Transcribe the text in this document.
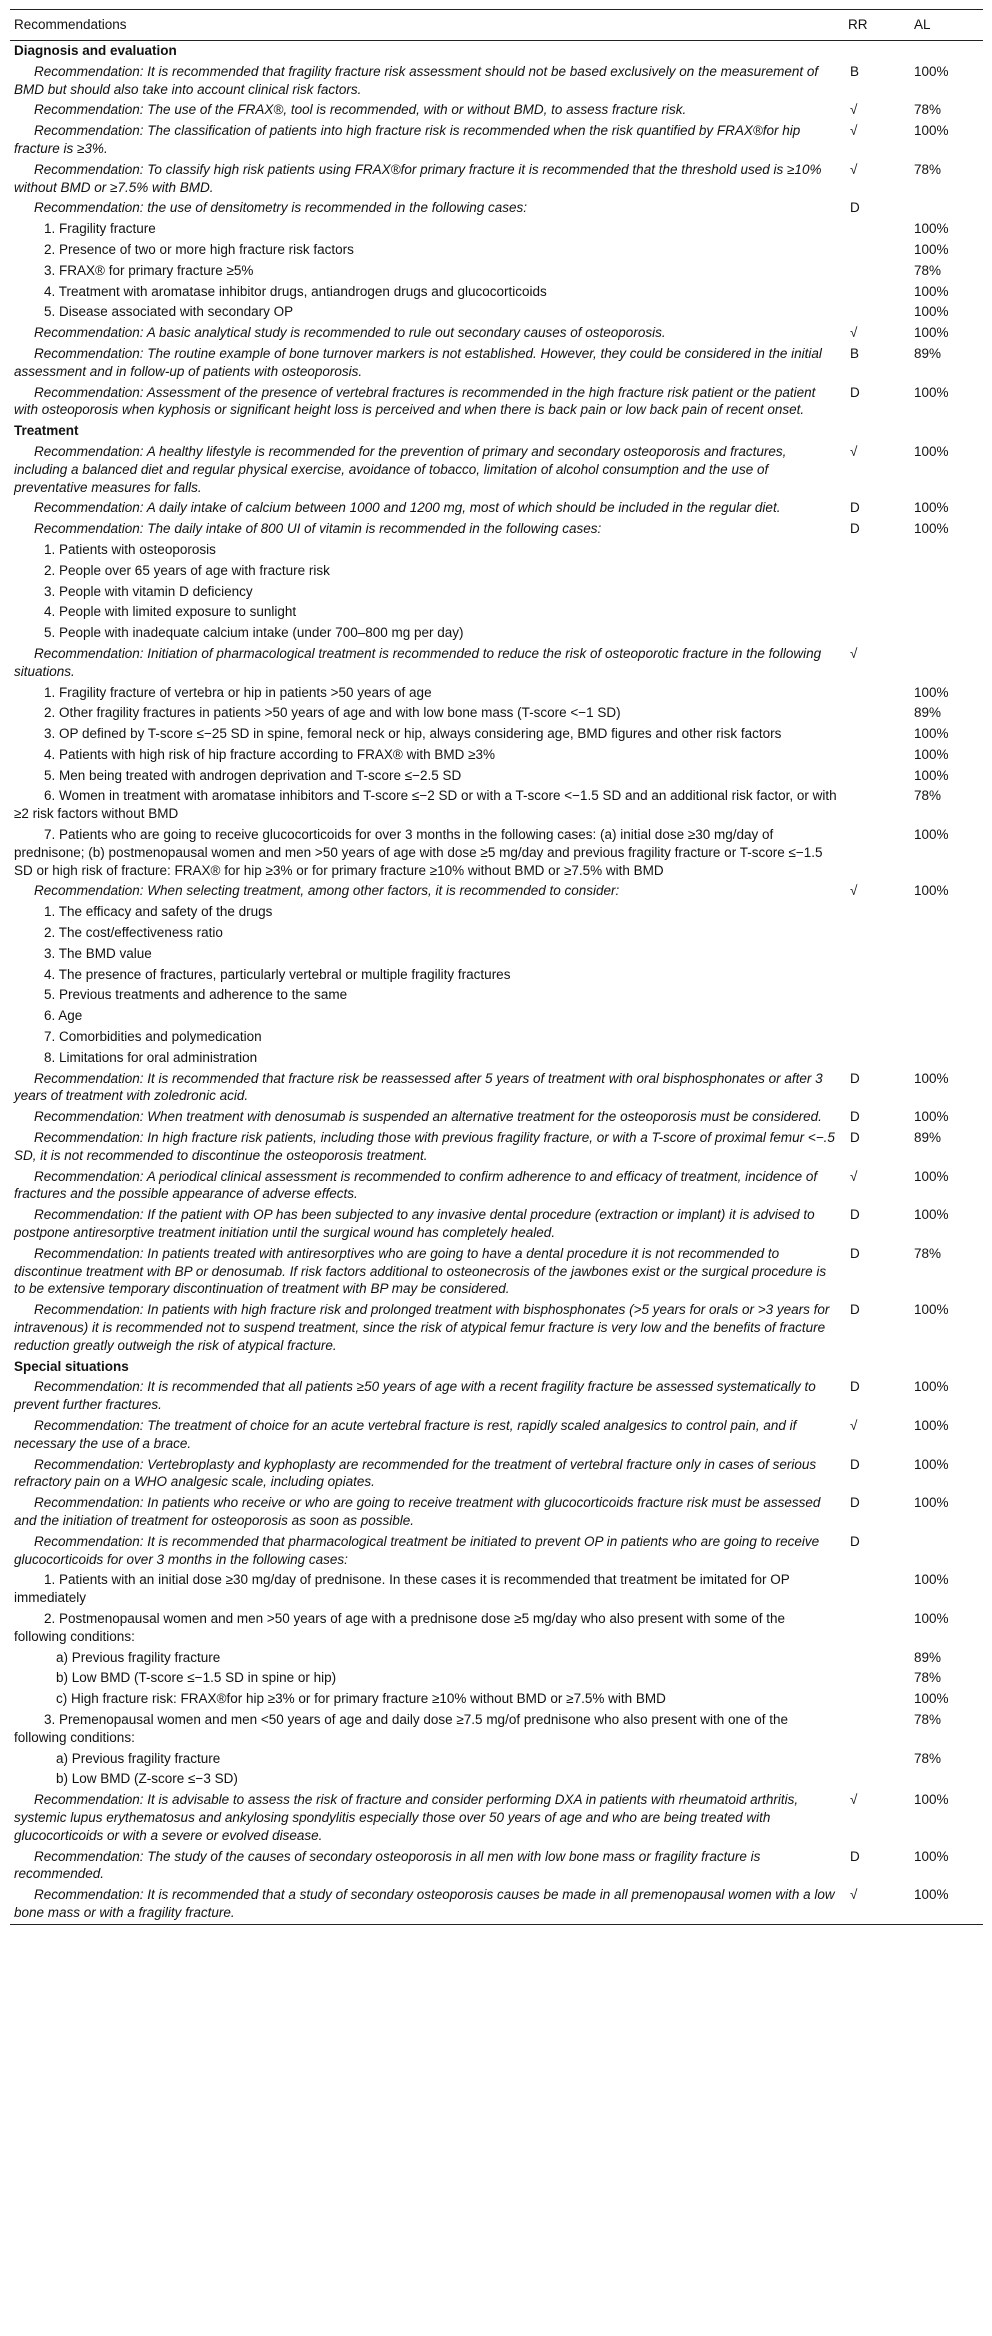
Recommendations	RR	AL
Diagnosis and evaluation		
Recommendation: It is recommended that fragility fracture risk assessment should not be based exclusively on the measurement of BMD but should also take into account clinical risk factors.	B	100%
Recommendation: The use of the FRAX®, tool is recommended, with or without BMD, to assess fracture risk.	√	78%
Recommendation: The classification of patients into high fracture risk is recommended when the risk quantified by FRAX®for hip fracture is ≥3%.	√	100%
Recommendation: To classify high risk patients using FRAX®for primary fracture it is recommended that the threshold used is ≥10% without BMD or ≥7.5% with BMD.	√	78%
Recommendation: the use of densitometry is recommended in the following cases:	D	
1. Fragility fracture		100%
2. Presence of two or more high fracture risk factors		100%
3. FRAX® for primary fracture ≥5%		78%
4. Treatment with aromatase inhibitor drugs, antiandrogen drugs and glucocorticoids		100%
5. Disease associated with secondary OP		100%
Recommendation: A basic analytical study is recommended to rule out secondary causes of osteoporosis.	√	100%
Recommendation: The routine example of bone turnover markers is not established. However, they could be considered in the initial assessment and in follow-up of patients with osteoporosis.	B	89%
Recommendation: Assessment of the presence of vertebral fractures is recommended in the high fracture risk patient or the patient with osteoporosis when kyphosis or significant height loss is perceived and when there is back pain or low back pain of recent onset.	D	100%
Treatment		
Recommendation: A healthy lifestyle is recommended for the prevention of primary and secondary osteoporosis and fractures, including a balanced diet and regular physical exercise, avoidance of tobacco, limitation of alcohol consumption and the use of preventative measures for falls.	√	100%
Recommendation: A daily intake of calcium between 1000 and 1200 mg, most of which should be included in the regular diet.	D	100%
Recommendation: The daily intake of 800 UI of vitamin is recommended in the following cases:	D	100%
1. Patients with osteoporosis		
2. People over 65 years of age with fracture risk		
3. People with vitamin D deficiency		
4. People with limited exposure to sunlight		
5. People with inadequate calcium intake (under 700–800 mg per day)		
Recommendation: Initiation of pharmacological treatment is recommended to reduce the risk of osteoporotic fracture in the following situations.	√	
1. Fragility fracture of vertebra or hip in patients >50 years of age		100%
2. Other fragility fractures in patients >50 years of age and with low bone mass (T-score <−1 SD)		89%
3. OP defined by T-score ≤−25 SD in spine, femoral neck or hip, always considering age, BMD figures and other risk factors		100%
4. Patients with high risk of hip fracture according to FRAX® with BMD ≥3%		100%
5. Men being treated with androgen deprivation and T-score ≤−2.5 SD		100%
6. Women in treatment with aromatase inhibitors and T-score ≤−2 SD or with a T-score <−1.5 SD and an additional risk factor, or with ≥2 risk factors without BMD		78%
7. Patients who are going to receive glucocorticoids for over 3 months in the following cases: (a) initial dose ≥30 mg/day of prednisone; (b) postmenopausal women and men >50 years of age with dose ≥5 mg/day and previous fragility fracture or T-score ≤−1.5 SD or high risk of fracture: FRAX® for hip ≥3% or for primary fracture ≥10% without BMD or ≥7.5% with BMD		100%
Recommendation: When selecting treatment, among other factors, it is recommended to consider:	√	100%
1. The efficacy and safety of the drugs		
2. The cost/effectiveness ratio		
3. The BMD value		
4. The presence of fractures, particularly vertebral or multiple fragility fractures		
5. Previous treatments and adherence to the same		
6. Age		
7. Comorbidities and polymedication		
8. Limitations for oral administration		
Recommendation: It is recommended that fracture risk be reassessed after 5 years of treatment with oral bisphosphonates or after 3 years of treatment with zoledronic acid.	D	100%
Recommendation: When treatment with denosumab is suspended an alternative treatment for the osteoporosis must be considered.	D	100%
Recommendation: In high fracture risk patients, including those with previous fragility fracture, or with a T-score of proximal femur <−.5 SD, it is not recommended to discontinue the osteoporosis treatment.	D	89%
Recommendation: A periodical clinical assessment is recommended to confirm adherence to and efficacy of treatment, incidence of fractures and the possible appearance of adverse effects.	√	100%
Recommendation: If the patient with OP has been subjected to any invasive dental procedure (extraction or implant) it is advised to postpone antiresorptive treatment initiation until the surgical wound has completely healed.	D	100%
Recommendation: In patients treated with antiresorptives who are going to have a dental procedure it is not recommended to discontinue treatment with BP or denosumab. If risk factors additional to osteonecrosis of the jawbones exist or the surgical procedure is to be extensive temporary discontinuation of treatment with BP may be considered.	D	78%
Recommendation: In patients with high fracture risk and prolonged treatment with bisphosphonates (>5 years for orals or >3 years for intravenous) it is recommended not to suspend treatment, since the risk of atypical femur fracture is very low and the benefits of fracture reduction greatly outweigh the risk of atypical fracture.	D	100%
Special situations		
Recommendation: It is recommended that all patients ≥50 years of age with a recent fragility fracture be assessed systematically to prevent further fractures.	D	100%
Recommendation: The treatment of choice for an acute vertebral fracture is rest, rapidly scaled analgesics to control pain, and if necessary the use of a brace.	√	100%
Recommendation: Vertebroplasty and kyphoplasty are recommended for the treatment of vertebral fracture only in cases of serious refractory pain on a WHO analgesic scale, including opiates.	D	100%
Recommendation: In patients who receive or who are going to receive treatment with glucocorticoids fracture risk must be assessed and the initiation of treatment for osteoporosis as soon as possible.	D	100%
Recommendation: It is recommended that pharmacological treatment be initiated to prevent OP in patients who are going to receive glucocorticoids for over 3 months in the following cases:	D	
1. Patients with an initial dose ≥30 mg/day of prednisone. In these cases it is recommended that treatment be imitated for OP immediately		100%
2. Postmenopausal women and men >50 years of age with a prednisone dose ≥5 mg/day who also present with some of the following conditions:		100%
a) Previous fragility fracture		89%
b) Low BMD (T-score ≤−1.5 SD in spine or hip)		78%
c) High fracture risk: FRAX®for hip ≥3% or for primary fracture ≥10% without BMD or ≥7.5% with BMD		100%
3. Premenopausal women and men <50 years of age and daily dose ≥7.5 mg/of prednisone who also present with one of the following conditions:		78%
a) Previous fragility fracture		78%
b) Low BMD (Z-score ≤−3 SD)		
Recommendation: It is advisable to assess the risk of fracture and consider performing DXA in patients with rheumatoid arthritis, systemic lupus erythematosus and ankylosing spondylitis especially those over 50 years of age and who are being treated with glucocorticoids or with a severe or evolved disease.	√	100%
Recommendation: The study of the causes of secondary osteoporosis in all men with low bone mass or fragility fracture is recommended.	D	100%
Recommendation: It is recommended that a study of secondary osteoporosis causes be made in all premenopausal women with a low bone mass or with a fragility fracture.	√	100%
